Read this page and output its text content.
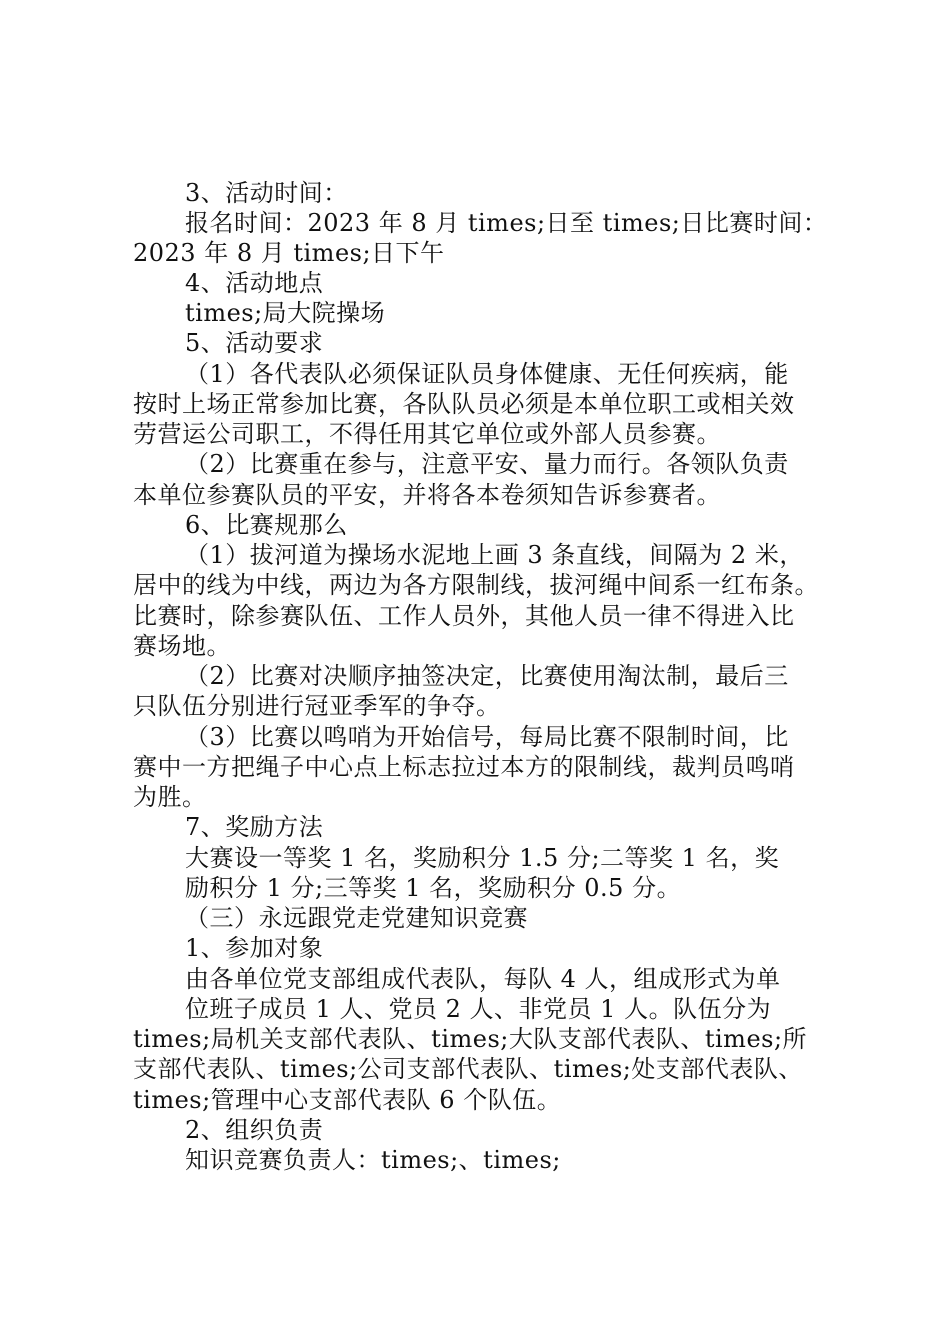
3、活动时间：
报名时间：2023 年 8 月 times;日至 times;日比赛时间：
2023 年 8 月 times;日下午
4、活动地点
times;局大院操场
5、活动要求
（1）各代表队必须保证队员身体健康、无任何疾病，能
按时上场正常参加比赛，各队队员必须是本单位职工或相关效
劳营运公司职工，不得任用其它单位或外部人员参赛。
（2）比赛重在参与，注意平安、量力而行。各领队负责
本单位参赛队员的平安，并将各本卷须知告诉参赛者。
6、比赛规那么
（1）拔河道为操场水泥地上画 3 条直线，间隔为 2 米，
居中的线为中线，两边为各方限制线，拔河绳中间系一红布条。
比赛时，除参赛队伍、工作人员外，其他人员一律不得进入比
赛场地。
（2）比赛对决顺序抽签决定，比赛使用淘汰制，最后三
只队伍分别进行冠亚季军的争夺。
（3）比赛以鸣哨为开始信号，每局比赛不限制时间，比
赛中一方把绳子中心点上标志拉过本方的限制线，裁判员鸣哨
为胜。
7、奖励方法
大赛设一等奖 1 名，奖励积分 1.5 分;二等奖 1 名，奖
励积分 1 分;三等奖 1 名，奖励积分 0.5 分。
（三）永远跟党走党建知识竞赛
1、参加对象
由各单位党支部组成代表队，每队 4 人，组成形式为单
位班子成员 1 人、党员 2 人、非党员 1 人。队伍分为
times;局机关支部代表队、times;大队支部代表队、times;所
支部代表队、times;公司支部代表队、times;处支部代表队、
times;管理中心支部代表队 6 个队伍。
2、组织负责
知识竞赛负责人：times;、times;
